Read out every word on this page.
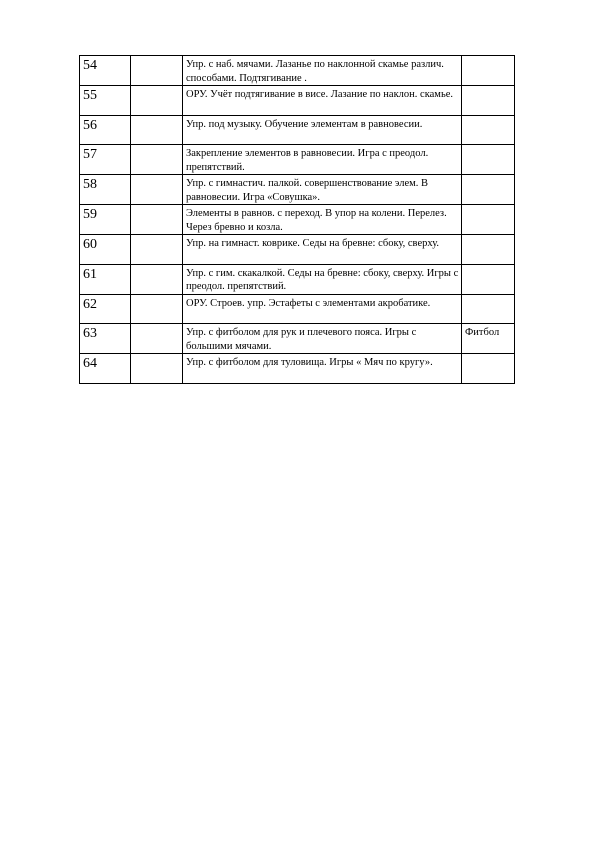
54		Упр. с наб. мячами. Лазанье по наклонной скамье различ. способами. Подтягивание .	
55		ОРУ. Учёт подтягивание в висе. Лазание по наклон. скамье.	
56		Упр. под музыку. Обучение элементам в равновесии.	
57		Закрепление элементов в равновесии. Игра с преодол. препятствий.	
58		Упр. с гимнастич. палкой. совершенствование элем. В равновесии. Игра «Совушка».	
59		Элементы в равнов. с переход. В упор на колени. Перелез. Через бревно и козла.	
60		Упр. на гимнаст. коврике. Седы на бревне: сбоку, сверху.	
61		Упр. с гим. скакалкой. Седы на бревне: сбоку, сверху. Игры с преодол. препятствий.	
62		ОРУ. Строев. упр. Эстафеты с элементами акробатике.	
63		Упр. с фитболом для рук и плечевого пояса. Игры с большими мячами.	Фитбол
64		Упр. с фитболом для туловища. Игры « Мяч по кругу».	
